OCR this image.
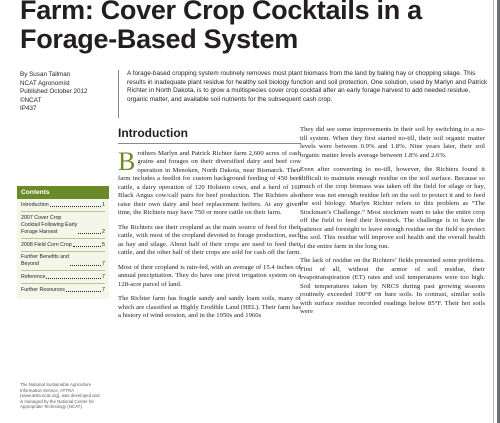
Farm: Cover Crop Cocktails in a Forage-Based System
By Susan Tallman
NCAT Agronomist
Published October 2012
©NCAT
IP437
A forage-based cropping system routinely removes most plant biomass from the land by baling hay or chopping silage. This results in inadequate plant residue for healthy soil biology function and soil protection. One solution, used by Marlyn and Patrick Richter in North Dakota, is to grow a multispecies cover crop cocktail after an early forage harvest to add needed residue, organic matter, and available soil nutrients for the subsequent cash crop.
Contents
Introduction	1
2007 Cover Crop
Cocktail Following Early
Forage Harvest	2
2008 Field Corn Crop	5
Further Benefits and
Beyond	7
Reference	7
Further Resources	7
The National Sustainable Agriculture Information Service, ATTRA (www.attra.ncat.org), was developed and is managed by the National Center for Appropriate Technology (NCAT)
Introduction

Brothers Marlyn and Patrick Richter farm 2,600 acres of cash grains and forages on their diversified dairy and beef cow operation in Menoken, North Dakota, near Bismarck. Their farm includes a feedlot for custom background feeding of 450 beef cattle, a dairy operation of 120 Holstein cows, and a herd of 160 Black Angus cow/calf pairs for beef production. The Richters also raise their own dairy and beef replacement heifers. At any given time, the Richters may have 750 or more cattle on their farm.

The Richters use their cropland as the main source of feed for their cattle, with most of the cropland devoted to forage production, such as hay and silage. About half of their crops are used to feed their cattle, and the other half of their crops are sold for cash off the farm.

Most of their cropland is rain-fed, with an average of 15.4 inches of annual precipitation. They do have one pivot irrigation system on a 128-acre parcel of land.

The Richter farm has fragile sandy and sandy loam soils, many of which are classified as Highly Erodible Land (HEL). Their farm has a history of wind erosion, and in the 1950s and 1960s

They did see some improvements in their soil by switching to a no-till system. When they first started no-till, their soil organic matter levels were between 0.9% and 1.8%. Nine years later, their soil organic matter levels average between 1.8% and 2.6%.

Even after converting to no-till, however, the Richters found it difficult to maintain enough residue on the soil surface. Because so much of the crop biomass was taken off the field for silage or hay, there was not enough residue left on the soil to protect it and to feed the soil biology. Marlyn Richter refers to this problem as “The Stockman’s Challenge.” Most stockmen want to take the entire crop off the field to feed their livestock. The challenge is to have the patience and foresight to leave enough residue on the field to protect the soil. This residue will improve soil health and the overall health of the entire farm in the long run.

The lack of residue on the Richters’ fields presented some problems. First of all, without the armor of soil residue, their evapotranspiration (ET) rates and soil temperatures were too high. Soil temperatures taken by NRCS during past growing seasons routinely exceeded 100°F on bare soils. In contrast, similar soils with surface residue recorded readings below 85°F. Their hot soils were
